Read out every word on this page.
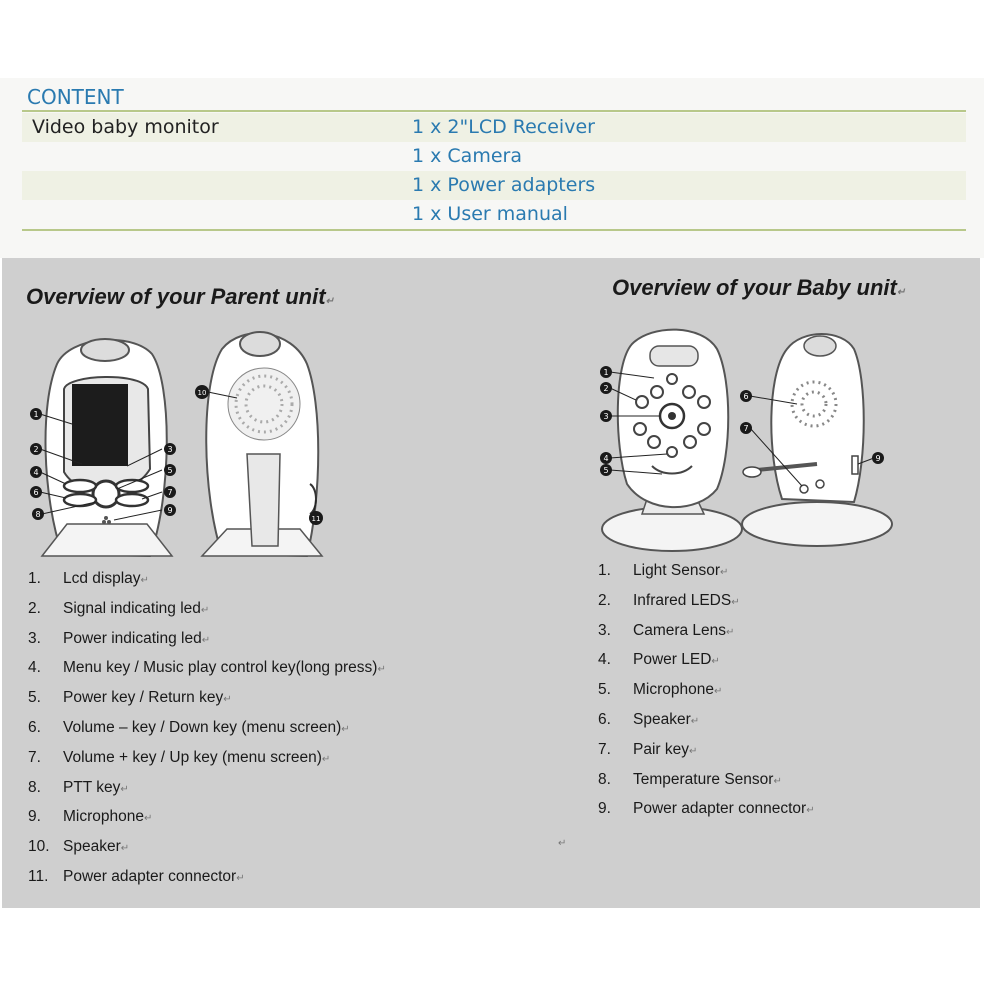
CONTENT
Video baby monitor	1 x 2"LCD Receiver
1 x Camera
1 x Power adapters
1 x User manual
Overview of your Parent unit↵
Overview of your Baby unit↵
1
2	3
4	5
6	7
8	9
10
11
1
2
3
4
5
6
7
9
1. Lcd display↵
2. Signal indicating led↵
3. Power indicating led↵
4. Menu key / Music play control key(long press)↵
5. Power key / Return key↵
6. Volume – key / Down key (menu screen)↵
7. Volume + key / Up key (menu screen)↵
8. PTT key↵
9. Microphone↵
10. Speaker↵
11. Power adapter connector↵
1. Light Sensor↵
2. Infrared LEDS↵
3. Camera Lens↵
4. Power LED↵
5. Microphone↵
6. Speaker↵
7. Pair key↵
8. Temperature Sensor↵
9. Power adapter connector↵
↵
